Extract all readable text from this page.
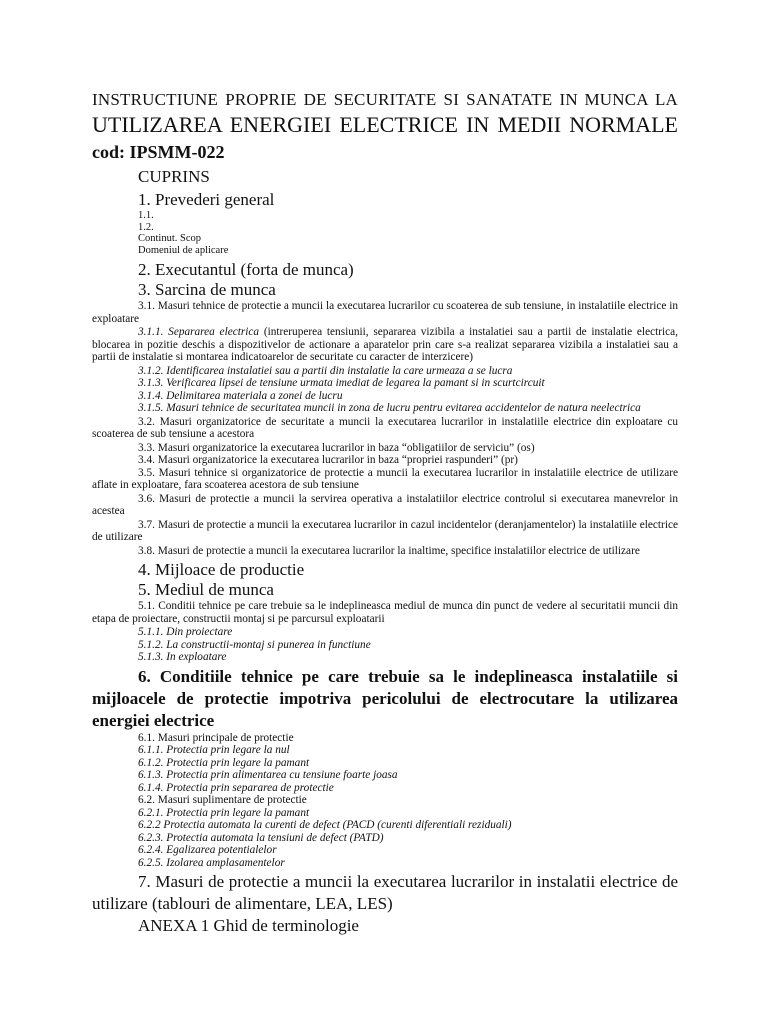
INSTRUCTIUNE PROPRIE DE SECURITATE SI SANATATE IN MUNCA LA UTILIZAREA ENERGIEI ELECTRICE IN MEDII NORMALE cod: IPSMM-022

CUPRINS

1. Prevederi general

1.1.
1.2.
Continut. Scop
Domeniul de aplicare

2. Executantul (forta de munca)

3. Sarcina de munca

3.1. Masuri tehnice de protectie a muncii la executarea lucrarilor cu scoaterea de sub tensiune, in instalatiile electrice in exploatare

3.1.1. Separarea electrica (intreruperea tensiunii, separarea vizibila a instalatiei sau a partii de instalatie electrica, blocarea in pozitie deschis a dispozitivelor de actionare a aparatelor prin care s-a realizat separarea vizibila a instalatiei sau a partii de instalatie si montarea indicatoarelor de securitate cu caracter de interzicere)

3.1.2. Identificarea instalatiei sau a partii din instalatie la care urmeaza a se lucra

3.1.3. Verificarea lipsei de tensiune urmata imediat de legarea la pamant si in scurtcircuit

3.1.4. Delimitarea materiala a zonei de lucru

3.1.5. Masuri tehnice de securitatea muncii in zona de lucru pentru evitarea accidentelor de natura neelectrica

3.2. Masuri organizatorice de securitate a muncii la executarea lucrarilor in instalatiile electrice din exploatare cu scoaterea de sub tensiune a acestora

3.3. Masuri organizatorice la executarea lucrarilor in baza “obligatiilor de serviciu” (os)

3.4. Masuri organizatorice la executarea lucrarilor in baza “propriei raspunderi” (pr)

3.5. Masuri tehnice si organizatorice de protectie a muncii la executarea lucrarilor in instalatiile electrice de utilizare aflate in exploatare, fara scoaterea acestora de sub tensiune

3.6. Masuri de protectie a muncii la servirea operativa a instalatiilor electrice controlul si executarea manevrelor in acestea

3.7. Masuri de protectie a muncii la executarea lucrarilor in cazul incidentelor (deranjamentelor) la instalatiile electrice de utilizare

3.8. Masuri de protectie a muncii la executarea lucrarilor la inaltime, specifice instalatiilor electrice de utilizare

4. Mijloace de productie

5. Mediul de munca

5.1. Conditii tehnice pe care trebuie sa le indeplineasca mediul de munca din punct de vedere al securitatii muncii din etapa de proiectare, constructii montaj si pe parcursul exploatarii

5.1.1. Din proiectare

5.1.2. La constructii-montaj si punerea in functiune

5.1.3. In exploatare

6. Conditiile tehnice pe care trebuie sa le indeplineasca instalatiile si mijloacele de protectie impotriva pericolului de electrocutare la utilizarea energiei electrice

6.1. Masuri principale de protectie

6.1.1. Protectia prin legare la nul

6.1.2. Protectia prin legare la pamant

6.1.3. Protectia prin alimentarea cu tensiune foarte joasa

6.1.4. Protectia prin separarea de protectie

6.2. Masuri suplimentare de protectie

6.2.1. Protectia prin legare la pamant

6.2.2 Protectia automata la curenti de defect (PACD (curenti diferentiali reziduali)

6.2.3. Protectia automata la tensiuni de defect (PATD)

6.2.4. Egalizarea potentialelor

6.2.5. Izolarea amplasamentelor

7. Masuri de protectie a muncii la executarea lucrarilor in instalatii electrice de utilizare (tablouri de alimentare, LEA, LES)

ANEXA 1 Ghid de terminologie
